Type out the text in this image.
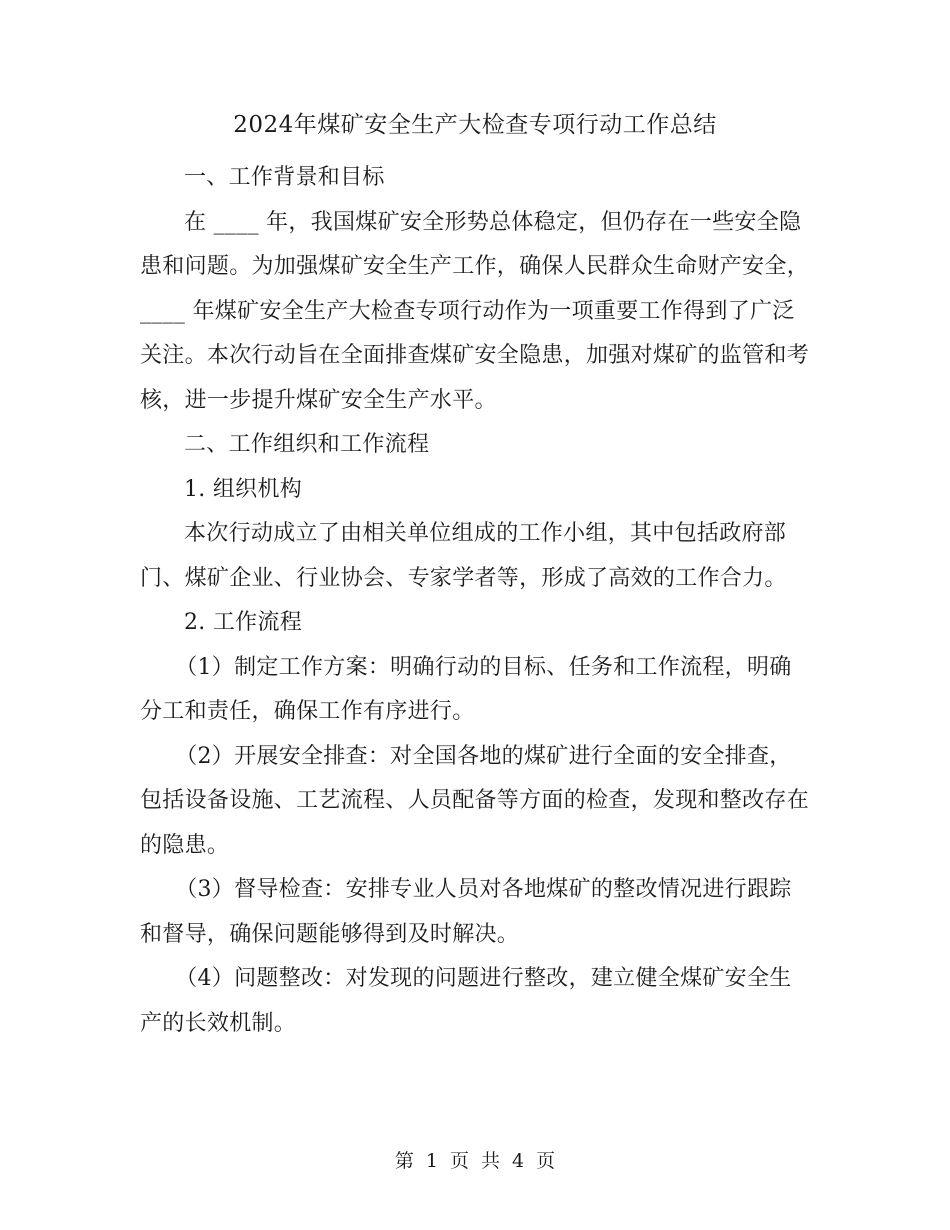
2024年煤矿安全生产大检查专项行动工作总结

一、工作背景和目标

在 ____ 年，我国煤矿安全形势总体稳定，但仍存在一些安全隐患和问题。为加强煤矿安全生产工作，确保人民群众生命财产安全，____ 年煤矿安全生产大检查专项行动作为一项重要工作得到了广泛关注。本次行动旨在全面排查煤矿安全隐患，加强对煤矿的监管和考核，进一步提升煤矿安全生产水平。

二、工作组织和工作流程

1. 组织机构

本次行动成立了由相关单位组成的工作小组，其中包括政府部门、煤矿企业、行业协会、专家学者等，形成了高效的工作合力。

2. 工作流程

（1）制定工作方案：明确行动的目标、任务和工作流程，明确分工和责任，确保工作有序进行。

（2）开展安全排查：对全国各地的煤矿进行全面的安全排查，包括设备设施、工艺流程、人员配备等方面的检查，发现和整改存在的隐患。

（3）督导检查：安排专业人员对各地煤矿的整改情况进行跟踪和督导，确保问题能够得到及时解决。

（4）问题整改：对发现的问题进行整改，建立健全煤矿安全生产的长效机制。

第 1 页 共 4 页
